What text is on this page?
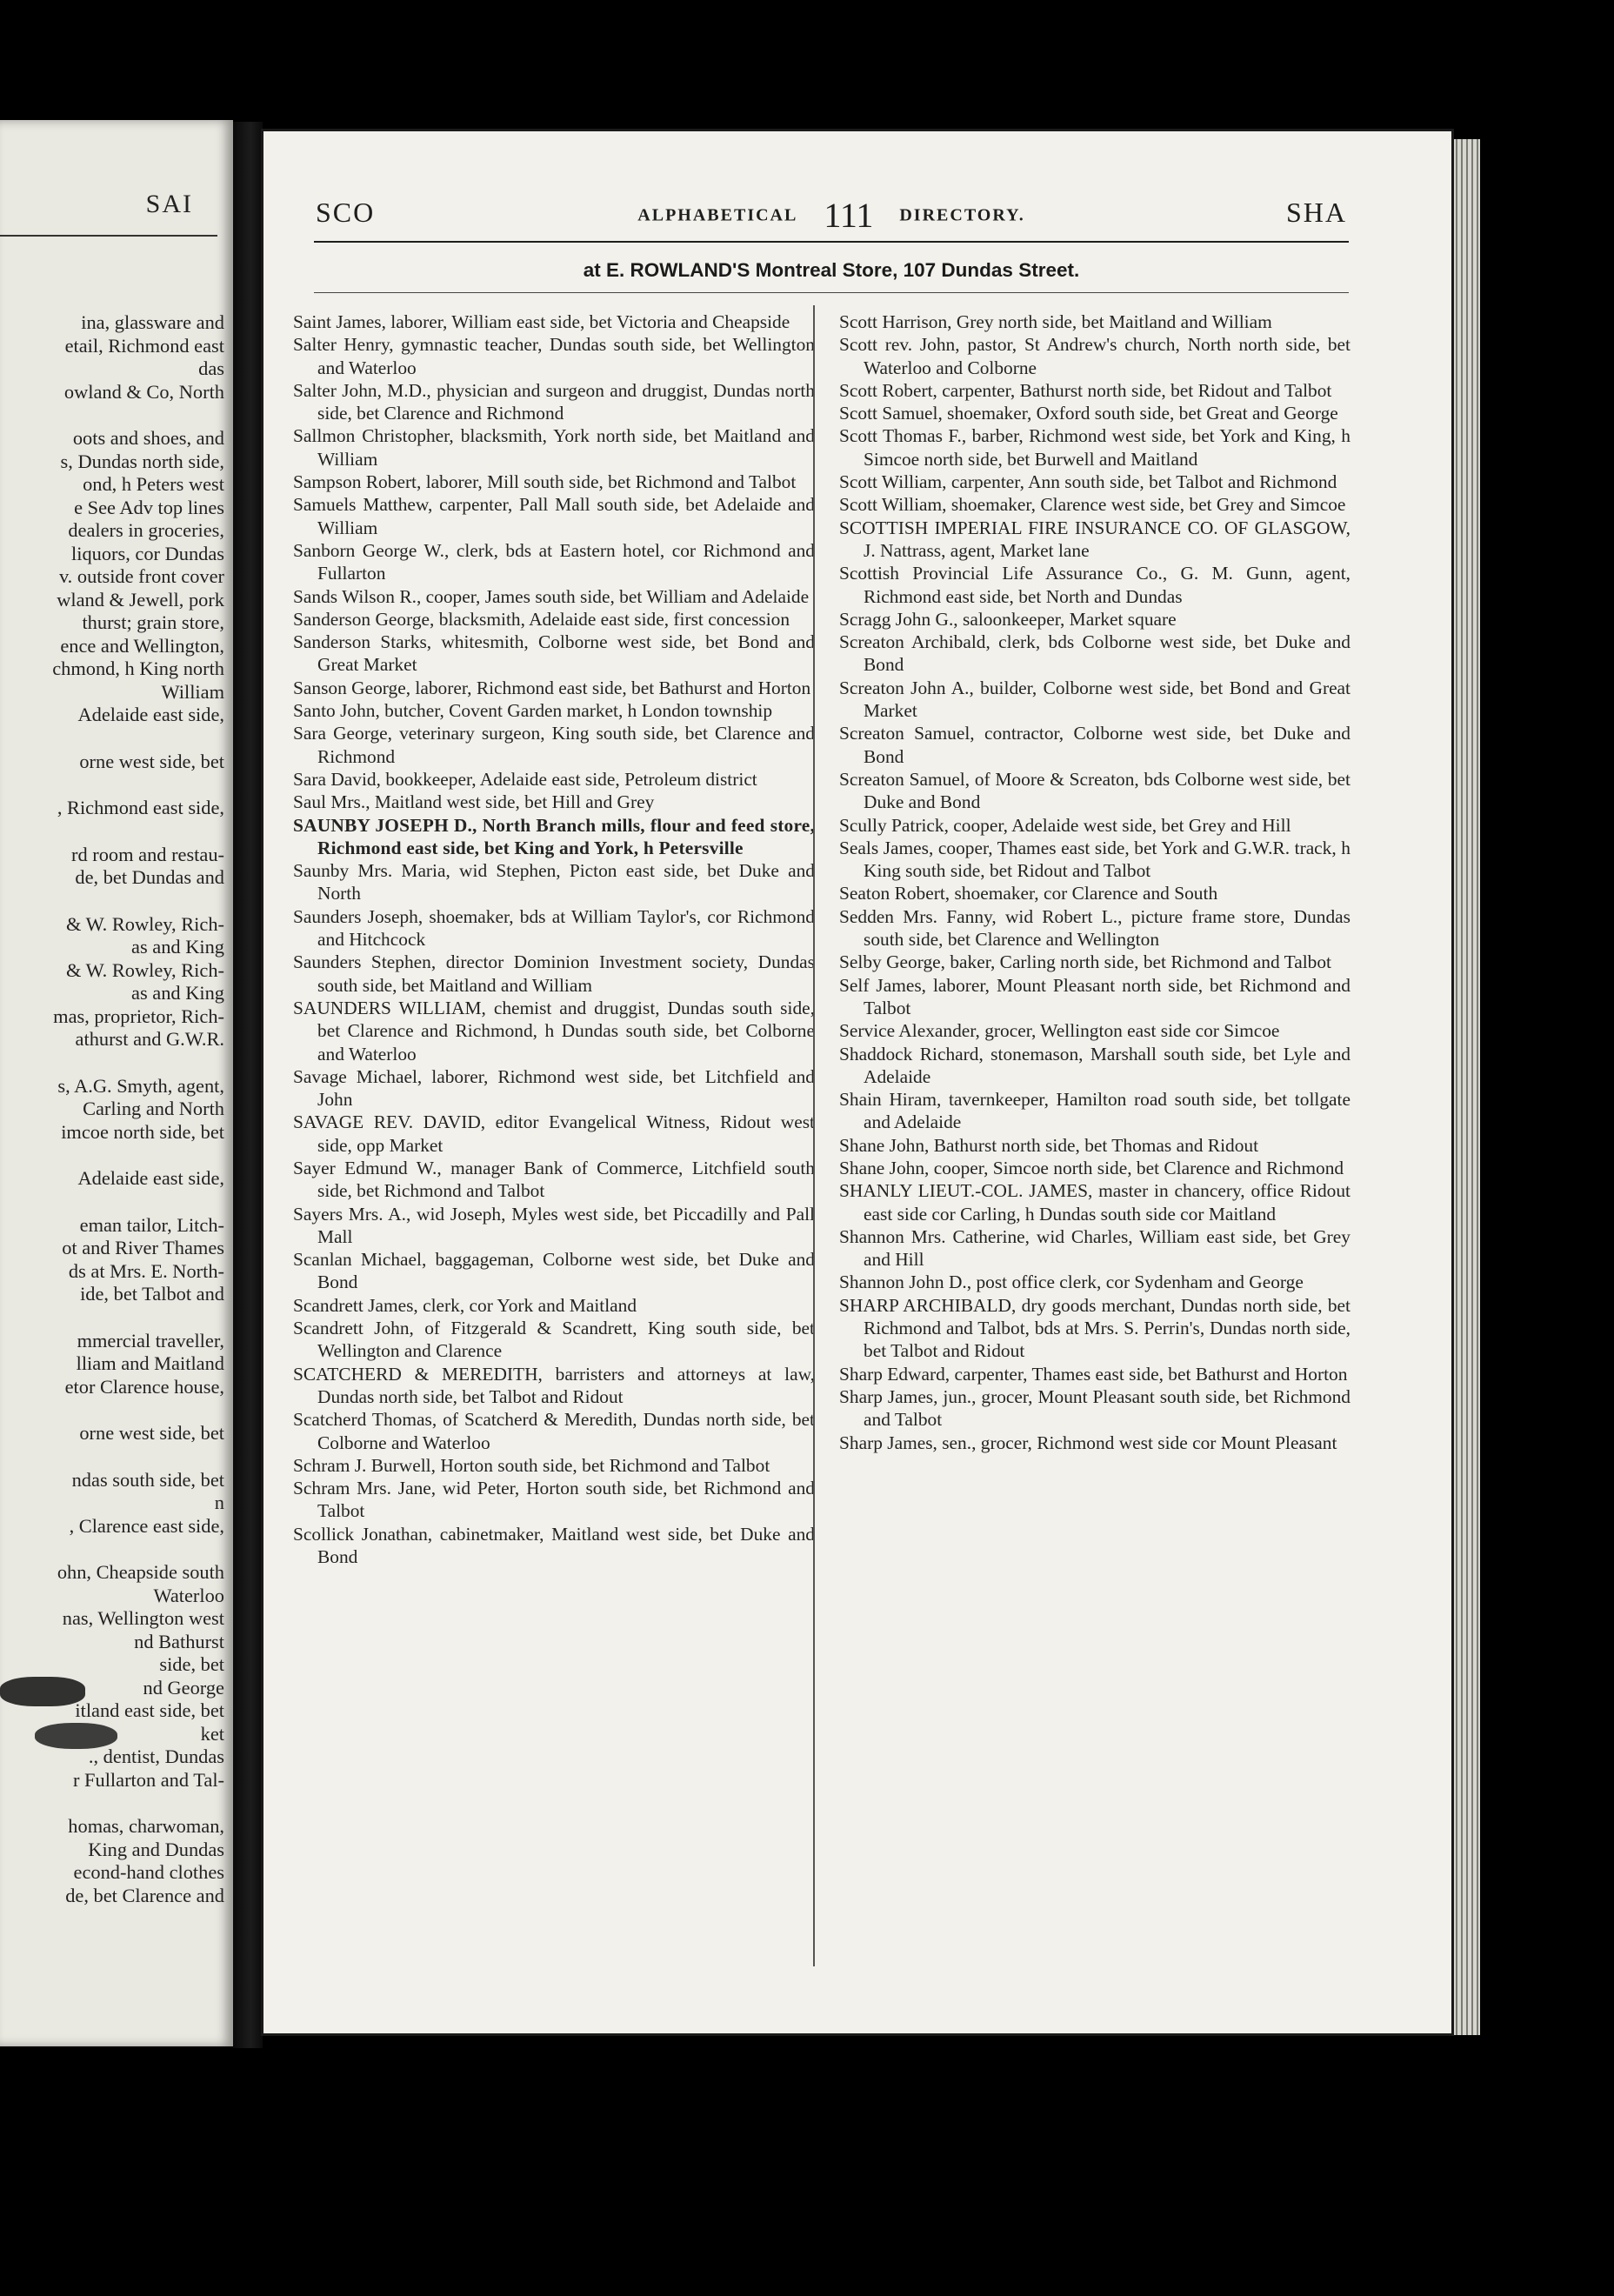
SAI
ina, glassware and
etail, Richmond east
das
owland & Co, North
oots and shoes, and
s, Dundas north side,
ond, h Peters west
e See Adv top lines
dealers in groceries,
liquors, cor Dundas
v. outside front cover
wland & Jewell, pork
thurst; grain store,
ence and Wellington,
chmond, h King north
William
Adelaide east side,
orne west side, bet
, Richmond east side,
rd room and restau-
de, bet Dundas and
& W. Rowley, Rich-
as and King
& W. Rowley, Rich-
as and King
mas, proprietor, Rich-
athurst and G.W.R.
s, A.G. Smyth, agent,
Carling and North
imcoe north side, bet
Adelaide east side,
eman tailor, Litch-
ot and River Thames
ds at Mrs. E. North-
ide, bet Talbot and
mmercial traveller,
lliam and Maitland
etor Clarence house,
orne west side, bet
ndas south side, bet
n
, Clarence east side,
ohn, Cheapside south
Waterloo
nas, Wellington west
nd Bathurst
side, bet
nd George
itland east side, bet
ket
., dentist, Dundas
r Fullarton and Tal-
homas, charwoman,
King and Dundas
econd-hand clothes
de, bet Clarence and
SCO	ALPHABETICAL 111 DIRECTORY.	SHA
at E. ROWLAND'S Montreal Store, 107 Dundas Street.

Saint James, laborer, William east side, bet Victoria and Cheapside

Salter Henry, gymnastic teacher, Dundas south side, bet Wellington and Waterloo

Salter John, M.D., physician and surgeon and druggist, Dundas north side, bet Clarence and Richmond

Sallmon Christopher, blacksmith, York north side, bet Maitland and William

Sampson Robert, laborer, Mill south side, bet Richmond and Talbot

Samuels Matthew, carpenter, Pall Mall south side, bet Adelaide and William

Sanborn George W., clerk, bds at Eastern hotel, cor Richmond and Fullarton

Sands Wilson R., cooper, James south side, bet William and Adelaide

Sanderson George, blacksmith, Adelaide east side, first concession

Sanderson Starks, whitesmith, Colborne west side, bet Bond and Great Market

Sanson George, laborer, Richmond east side, bet Bathurst and Horton

Santo John, butcher, Covent Garden market, h London township

Sara George, veterinary surgeon, King south side, bet Clarence and Richmond

Sara David, bookkeeper, Adelaide east side, Petroleum district

Saul Mrs., Maitland west side, bet Hill and Grey

SAUNBY JOSEPH D., North Branch mills, flour and feed store, Richmond east side, bet King and York, h Petersville

Saunby Mrs. Maria, wid Stephen, Picton east side, bet Duke and North

Saunders Joseph, shoemaker, bds at William Taylor's, cor Richmond and Hitchcock

Saunders Stephen, director Dominion Investment society, Dundas south side, bet Maitland and William

SAUNDERS WILLIAM, chemist and druggist, Dundas south side, bet Clarence and Richmond, h Dundas south side, bet Colborne and Waterloo

Savage Michael, laborer, Richmond west side, bet Litchfield and John

SAVAGE REV. DAVID, editor Evangelical Witness, Ridout west side, opp Market

Sayer Edmund W., manager Bank of Commerce, Litchfield south side, bet Richmond and Talbot

Sayers Mrs. A., wid Joseph, Myles west side, bet Piccadilly and Pall Mall

Scanlan Michael, baggageman, Colborne west side, bet Duke and Bond

Scandrett James, clerk, cor York and Maitland

Scandrett John, of Fitzgerald & Scandrett, King south side, bet Wellington and Clarence

SCATCHERD & MEREDITH, barristers and attorneys at law, Dundas north side, bet Talbot and Ridout

Scatcherd Thomas, of Scatcherd & Meredith, Dundas north side, bet Colborne and Waterloo

Schram J. Burwell, Horton south side, bet Richmond and Talbot

Schram Mrs. Jane, wid Peter, Horton south side, bet Richmond and Talbot

Scollick Jonathan, cabinetmaker, Maitland west side, bet Duke and Bond

Scott Harrison, Grey north side, bet Maitland and William

Scott rev. John, pastor, St Andrew's church, North north side, bet Waterloo and Colborne

Scott Robert, carpenter, Bathurst north side, bet Ridout and Talbot

Scott Samuel, shoemaker, Oxford south side, bet Great and George

Scott Thomas F., barber, Richmond west side, bet York and King, h Simcoe north side, bet Burwell and Maitland

Scott William, carpenter, Ann south side, bet Talbot and Richmond

Scott William, shoemaker, Clarence west side, bet Grey and Simcoe

SCOTTISH IMPERIAL FIRE INSURANCE CO. OF GLASGOW, J. Nattrass, agent, Market lane

Scottish Provincial Life Assurance Co., G. M. Gunn, agent, Richmond east side, bet North and Dundas

Scragg John G., saloonkeeper, Market square

Screaton Archibald, clerk, bds Colborne west side, bet Duke and Bond

Screaton John A., builder, Colborne west side, bet Bond and Great Market

Screaton Samuel, contractor, Colborne west side, bet Duke and Bond

Screaton Samuel, of Moore & Screaton, bds Colborne west side, bet Duke and Bond

Scully Patrick, cooper, Adelaide west side, bet Grey and Hill

Seals James, cooper, Thames east side, bet York and G.W.R. track, h King south side, bet Ridout and Talbot

Seaton Robert, shoemaker, cor Clarence and South

Sedden Mrs. Fanny, wid Robert L., picture frame store, Dundas south side, bet Clarence and Wellington

Selby George, baker, Carling north side, bet Richmond and Talbot

Self James, laborer, Mount Pleasant north side, bet Richmond and Talbot

Service Alexander, grocer, Wellington east side cor Simcoe

Shaddock Richard, stonemason, Marshall south side, bet Lyle and Adelaide

Shain Hiram, tavernkeeper, Hamilton road south side, bet tollgate and Adelaide

Shane John, Bathurst north side, bet Thomas and Ridout

Shane John, cooper, Simcoe north side, bet Clarence and Richmond

SHANLY LIEUT.-COL. JAMES, master in chancery, office Ridout east side cor Carling, h Dundas south side cor Maitland

Shannon Mrs. Catherine, wid Charles, William east side, bet Grey and Hill

Shannon John D., post office clerk, cor Sydenham and George

SHARP ARCHIBALD, dry goods merchant, Dundas north side, bet Richmond and Talbot, bds at Mrs. S. Perrin's, Dundas north side, bet Talbot and Ridout

Sharp Edward, carpenter, Thames east side, bet Bathurst and Horton

Sharp James, jun., grocer, Mount Pleasant south side, bet Richmond and Talbot

Sharp James, sen., grocer, Richmond west side cor Mount Pleasant
